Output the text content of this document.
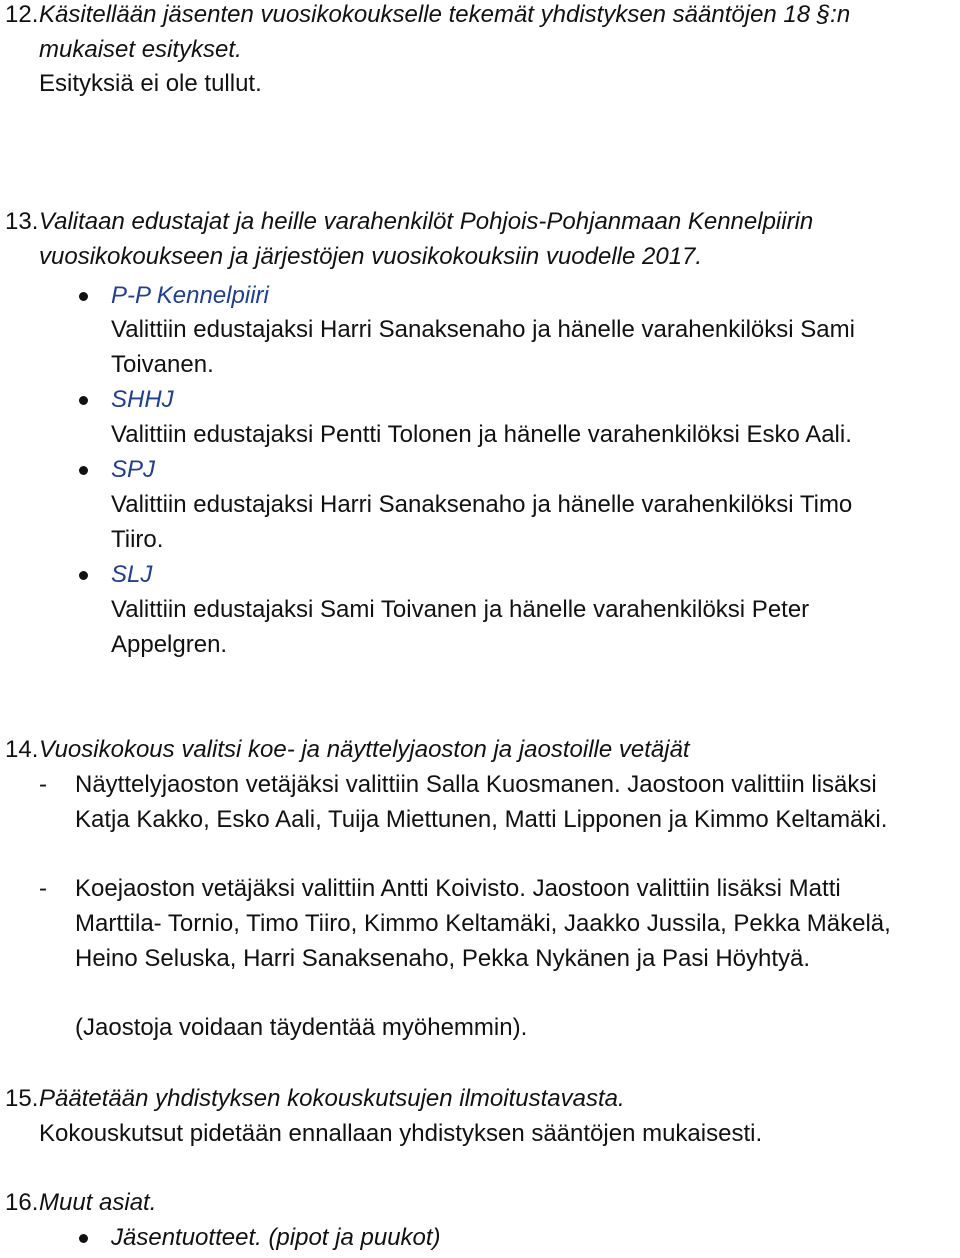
12. Käsitellään jäsenten vuosikokoukselle tekemät yhdistyksen sääntöjen 18 §:n
mukaiset esitykset.
Esityksiä ei ole tullut.
13. Valitaan edustajat ja heille varahenkilöt Pohjois-Pohjanmaan Kennelpiirin
vuosikokoukseen ja järjestöjen vuosikokouksiin vuodelle 2017.
P-P Kennelpiiri
Valittiin edustajaksi Harri Sanaksenaho ja hänelle varahenkilöksi Sami
Toivanen.
SHHJ
Valittiin edustajaksi Pentti Tolonen ja hänelle varahenkilöksi Esko Aali.
SPJ
Valittiin edustajaksi Harri Sanaksenaho ja hänelle varahenkilöksi Timo
Tiiro.
SLJ
Valittiin edustajaksi Sami Toivanen ja hänelle varahenkilöksi Peter
Appelgren.
14. Vuosikokous valitsi koe- ja näyttelyjaoston ja jaostoille vetäjät
- Näyttelyjaoston vetäjäksi valittiin Salla Kuosmanen. Jaostoon valittiin lisäksi
Katja Kakko, Esko Aali, Tuija Miettunen, Matti Lipponen ja Kimmo Keltamäki.
- Koejaoston vetäjäksi valittiin Antti Koivisto. Jaostoon valittiin lisäksi Matti
Marttila- Tornio, Timo Tiiro, Kimmo Keltamäki, Jaakko Jussila, Pekka Mäkelä,
Heino Seluska, Harri Sanaksenaho, Pekka Nykänen ja Pasi Höyhtyä.
(Jaostoja voidaan täydentää myöhemmin).
15. Päätetään yhdistyksen kokouskutsujen ilmoitustavasta.
Kokouskutsut pidetään ennallaan yhdistyksen sääntöjen mukaisesti.
16. Muut asiat.
Jäsentuotteet. (pipot ja puukot)
